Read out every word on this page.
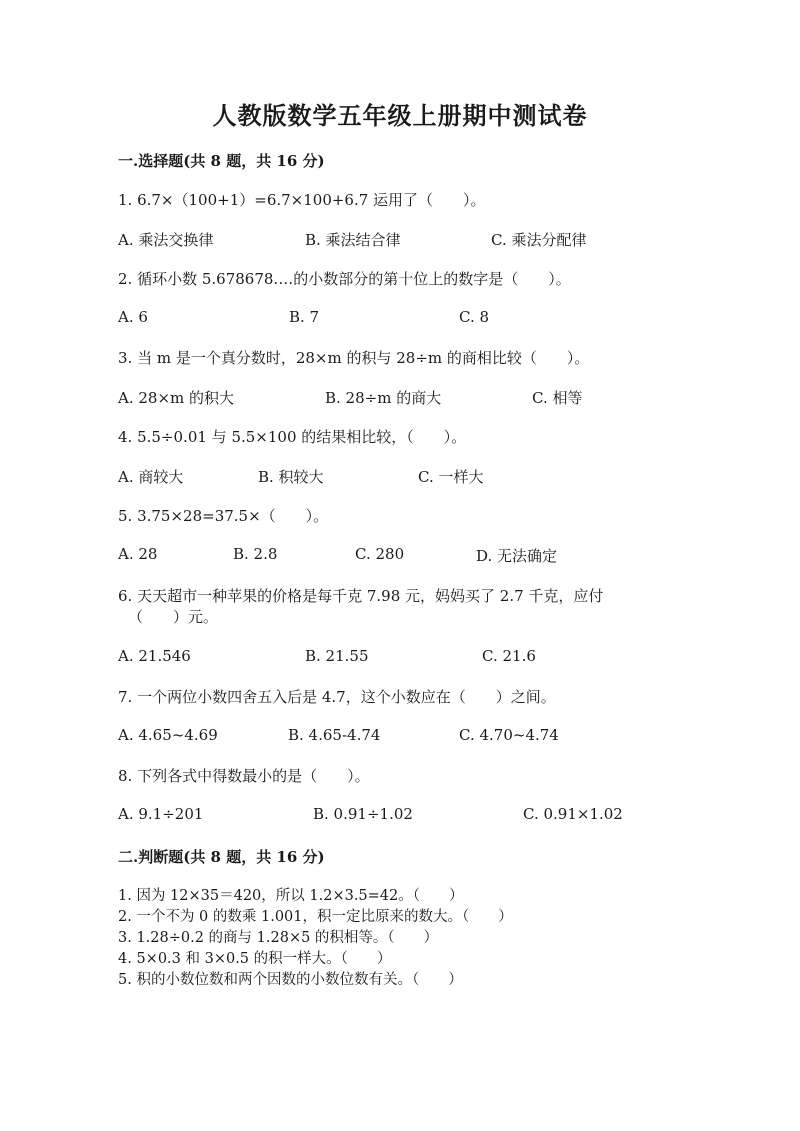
人教版数学五年级上册期中测试卷
一.选择题(共 8 题，共 16 分)
1. 6.7×（100+1）=6.7×100+6.7 运用了（　　）。
A. 乘法交换律	B. 乘法结合律	C. 乘法分配律
2. 循环小数 5.678678.…的小数部分的第十位上的数字是（　　）。
A. 6	B. 7	C. 8
3. 当 m 是一个真分数时，28×m 的积与 28÷m 的商相比较（　　）。
A. 28×m 的积大	B. 28÷m 的商大	C. 相等
4. 5.5÷0.01 与 5.5×100 的结果相比较，（　　）。
A. 商较大	B. 积较大	C. 一样大
5. 3.75×28=37.5×（　　）。
A. 28	B. 2.8	C. 280	D. 无法确定
6. 天天超市一种苹果的价格是每千克 7.98 元，妈妈买了 2.7 千克，应付
（　　）元。
A. 21.546	B. 21.55	C. 21.6
7. 一个两位小数四舍五入后是 4.7，这个小数应在（　　）之间。
A. 4.65~4.69	B. 4.65-4.74	C. 4.70~4.74
8. 下列各式中得数最小的是（　　）。
A. 9.1÷201	B. 0.91÷1.02	C. 0.91×1.02
二.判断题(共 8 题，共 16 分)
1. 因为 12×35＝420，所以 1.2×3.5=42。（　　）
2. 一个不为 0 的数乘 1.001，积一定比原来的数大。（　　）
3. 1.28÷0.2 的商与 1.28×5 的积相等。（　　）
4. 5×0.3 和 3×0.5 的积一样大。（　　）
5. 积的小数位数和两个因数的小数位数有关。（　　）
